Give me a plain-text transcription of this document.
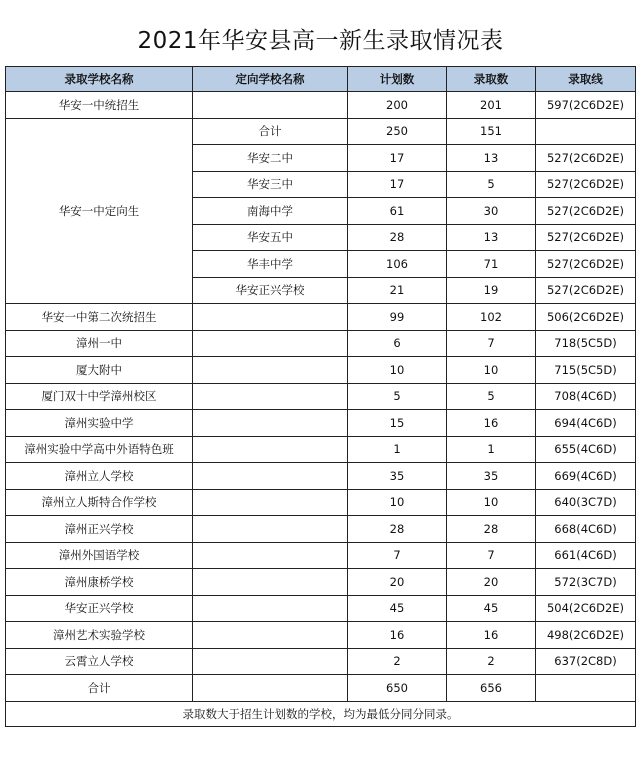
2021年华安县高一新生录取情况表
录取学校名称	定向学校名称	计划数	录取数	录取线
华安一中统招生		200	201	597(2C6D2E)
华安一中定向生	合计	250	151	
	华安二中	17	13	527(2C6D2E)
	华安三中	17	5	527(2C6D2E)
	南海中学	61	30	527(2C6D2E)
	华安五中	28	13	527(2C6D2E)
	华丰中学	106	71	527(2C6D2E)
	华安正兴学校	21	19	527(2C6D2E)
华安一中第二次统招生		99	102	506(2C6D2E)
漳州一中		6	7	718(5C5D)
厦大附中		10	10	715(5C5D)
厦门双十中学漳州校区		5	5	708(4C6D)
漳州实验中学		15	16	694(4C6D)
漳州实验中学高中外语特色班		1	1	655(4C6D)
漳州立人学校		35	35	669(4C6D)
漳州立人斯特合作学校		10	10	640(3C7D)
漳州正兴学校		28	28	668(4C6D)
漳州外国语学校		7	7	661(4C6D)
漳州康桥学校		20	20	572(3C7D)
华安正兴学校		45	45	504(2C6D2E)
漳州艺术实验学校		16	16	498(2C6D2E)
云霄立人学校		2	2	637(2C8D)
合计		650	656	
录取数大于招生计划数的学校，均为最低分同分同录。				
